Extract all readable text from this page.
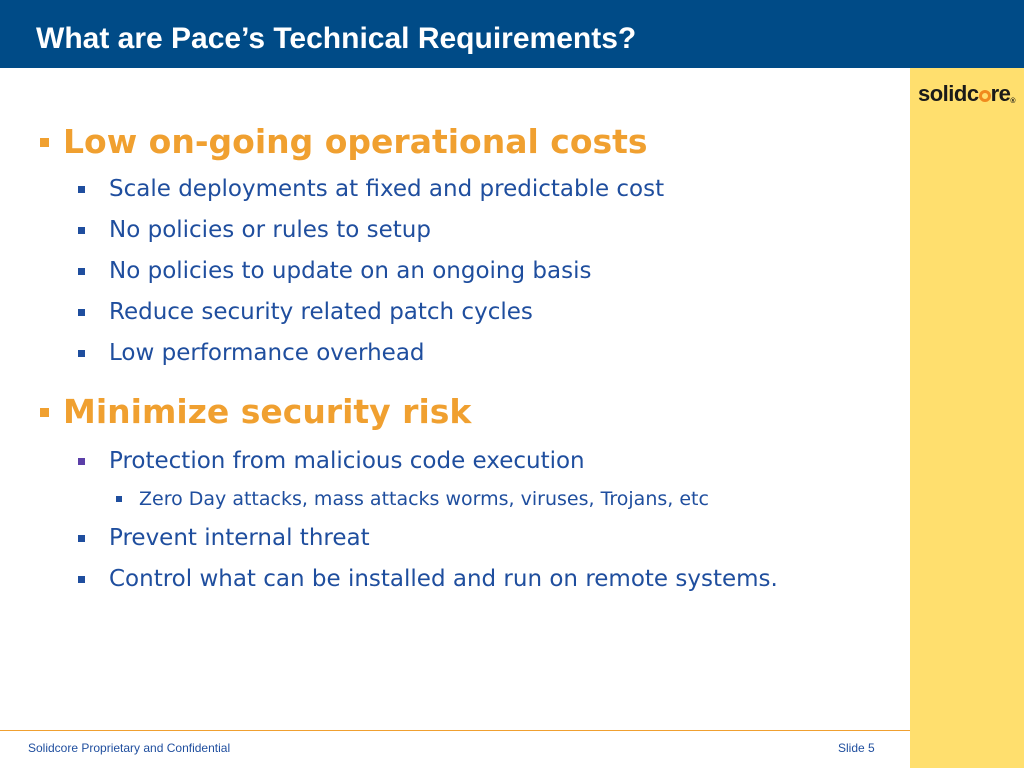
What are Pace’s Technical Requirements?
solidc re®
Low on-going operational costs
Scale deployments at fixed and predictable cost
No policies or rules to setup
No policies to update on an ongoing basis
Reduce security related patch cycles
Low performance overhead
Minimize security risk
Protection from malicious code execution
Zero Day attacks, mass attacks worms, viruses, Trojans, etc
Prevent internal threat
Control what can be installed and run on remote systems.
Solidcore Proprietary and Confidential	Slide 5
